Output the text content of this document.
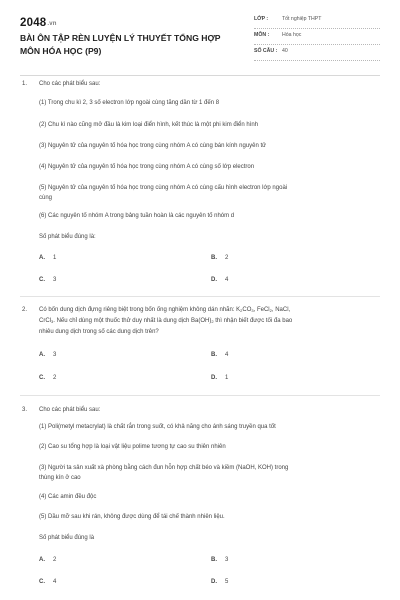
2048.vn
BÀI ÔN TẬP RÈN LUYỆN LÝ THUYẾT TỔNG HỢP MÔN HÓA HỌC (P9)
LỚP :	Tốt nghiệp THPT
MÔN : Hóa học
SỐ CÂU : 40
1. Cho các phát biểu sau:
(1) Trong chu kì 2, 3 số electron lớp ngoài cùng tăng dần từ 1 đến 8
(2) Chu kì nào cũng mở đầu là kim loại điển hình, kết thúc là một phi kim điển hình
(3) Nguyên tử của nguyên tố hóa học trong cùng nhóm A có cùng bán kính nguyên tử
(4) Nguyên tử của nguyên tố hóa học trong cùng nhóm A có cùng số lớp electron
(5) Nguyên tử của nguyên tố hóa học trong cùng nhóm A có cùng cấu hình electron lớp ngoài
cùng
(6) Các nguyên tố nhóm A trong bảng tuần hoàn là các nguyên tố nhóm d
Số phát biểu đúng là:
A. 1	B. 2
C. 3	D. 4
2. Có bốn dung dịch đựng riêng biệt trong bốn ống nghiệm không dán nhãn: $K_2CO_3$, FeCl$_2$, NaCl,
CrCl$_3$. Nếu chỉ dùng một thuốc thử duy nhất là dung dịch $Ba(OH)_2$ thì nhận biết được tối đa bao
nhiêu dung dịch trong số các dung dịch trên?
A. 3	B. 4
C. 2	D. 1
3. Cho các phát biểu sau:
(1) Poli(metyl metacrylat) là chất rắn trong suốt, có khả năng cho ánh sáng truyền qua tốt
(2) Cao su tổng hợp là loại vật liệu polime tương tự cao su thiên nhiên
(3) Người ta sản xuất xà phòng bằng cách đun hỗn hợp chất béo và kiềm (NaOH, KOH) trong
thùng kín ở cao
(4) Các amin đều độc
(5) Dầu mỡ sau khi rán, không được dùng để tái chế thành nhiên liệu.
Số phát biểu đúng là
A. 2	B. 3
C. 4	D. 5
